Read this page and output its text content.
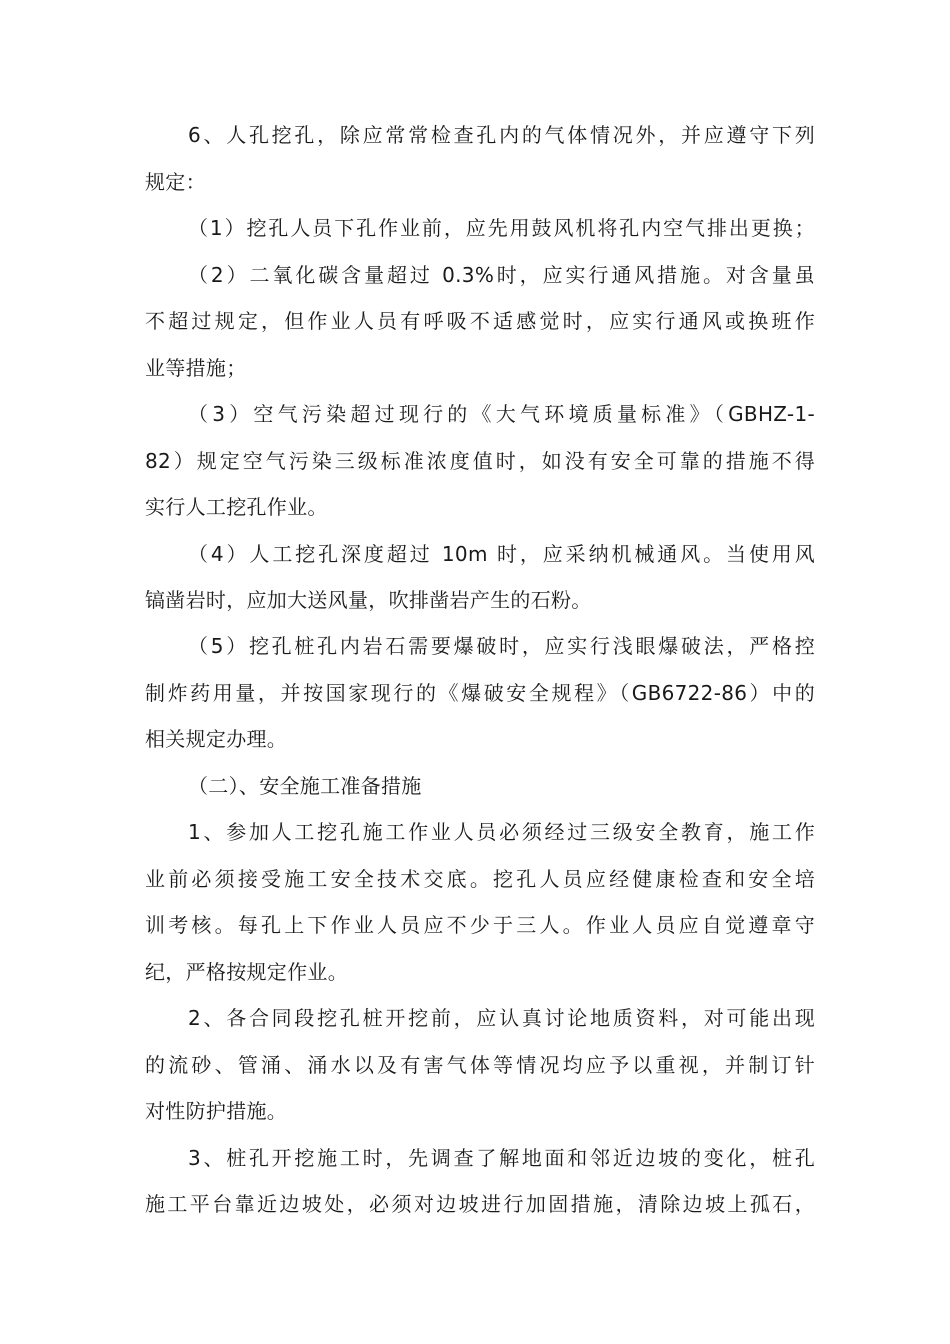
6、人孔挖孔，除应常常检查孔内的气体情况外，并应遵守下列
规定：
（1）挖孔人员下孔作业前，应先用鼓风机将孔内空气排出更换；
（2）二氧化碳含量超过 0.3%时，应实行通风措施。对含量虽
不超过规定，但作业人员有呼吸不适感觉时，应实行通风或换班作
业等措施；
（3）空气污染超过现行的《大气环境质量标准》（GBHZ-1-
82）规定空气污染三级标准浓度值时，如没有安全可靠的措施不得
实行人工挖孔作业。
（4）人工挖孔深度超过 10m 时，应采纳机械通风。当使用风
镐凿岩时，应加大送风量，吹排凿岩产生的石粉。
（5）挖孔桩孔内岩石需要爆破时，应实行浅眼爆破法，严格控
制炸药用量，并按国家现行的《爆破安全规程》（GB6722-86）中的
相关规定办理。
（二）、安全施工准备措施
1、参加人工挖孔施工作业人员必须经过三级安全教育，施工作
业前必须接受施工安全技术交底。挖孔人员应经健康检查和安全培
训考核。每孔上下作业人员应不少于三人。作业人员应自觉遵章守
纪，严格按规定作业。
2、各合同段挖孔桩开挖前，应认真讨论地质资料，对可能出现
的流砂、管涌、涌水以及有害气体等情况均应予以重视，并制订针
对性防护措施。
3、桩孔开挖施工时，先调查了解地面和邻近边坡的变化，桩孔
施工平台靠近边坡处，必须对边坡进行加固措施，清除边坡上孤石，
